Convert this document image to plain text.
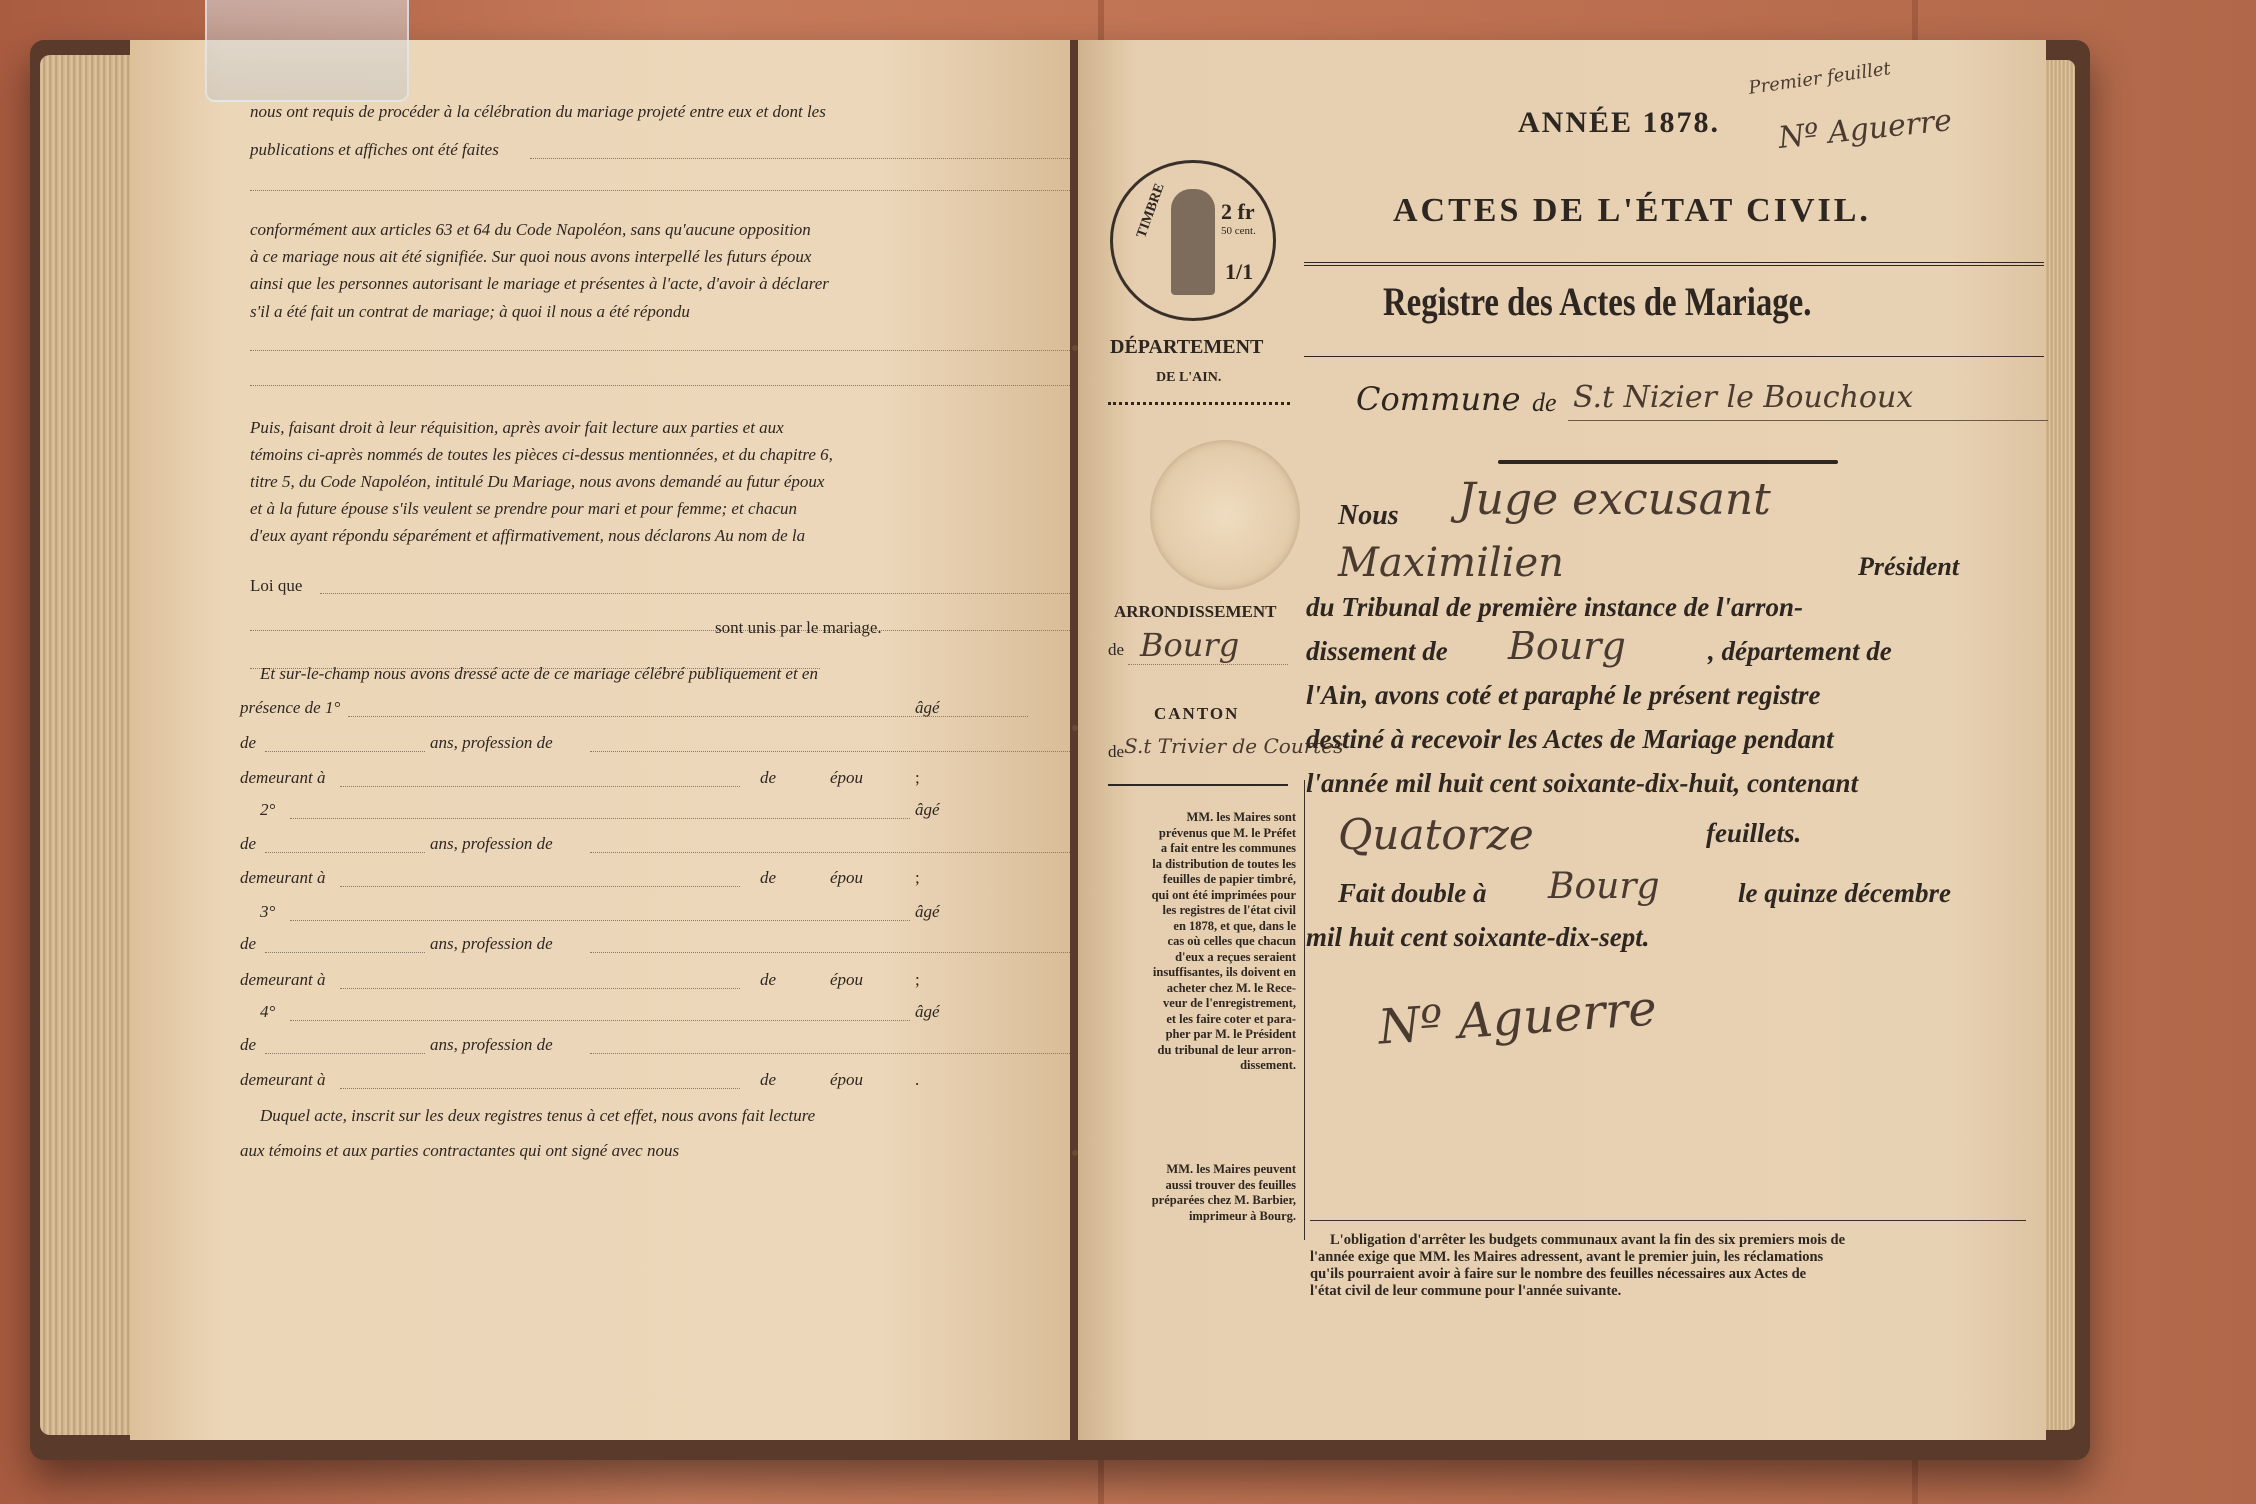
nous ont requis de procéder à la célébration du mariage projeté entre eux et dont les
publications et affiches ont été faites
conformément aux articles 63 et 64 du Code Napoléon, sans qu'aucune opposition
à ce mariage nous ait été signifiée. Sur quoi nous avons interpellé les futurs époux
ainsi que les personnes autorisant le mariage et présentes à l'acte, d'avoir à déclarer
s'il a été fait un contrat de mariage; à quoi il nous a été répondu
Puis, faisant droit à leur réquisition, après avoir fait lecture aux parties et aux
témoins ci-après nommés de toutes les pièces ci-dessus mentionnées, et du chapitre 6,
titre 5, du Code Napoléon, intitulé Du Mariage, nous avons demandé au futur époux
et à la future épouse s'ils veulent se prendre pour mari et pour femme; et chacun
d'eux ayant répondu séparément et affirmativement, nous déclarons Au nom de la
Loi que
sont unis par le mariage.
Et sur-le-champ nous avons dressé acte de ce mariage célébré publiquement et en
présence de 1°	âgé
de	ans, profession de
demeurant à	de	épou	;
2°	âgé
de	ans, profession de
demeurant à	de	épou	;
3°	âgé
de	ans, profession de
demeurant à	de	épou	;
4°	âgé
de	ans, profession de
demeurant à	de	épou	.
Duquel acte, inscrit sur les deux registres tenus à cet effet, nous avons fait lecture
aux témoins et aux parties contractantes qui ont signé avec nous
Premier feuillet
Nº Aguerre
ANNÉE 1878.
ACTES DE L'ÉTAT CIVIL.
Registre des Actes de Mariage.
Commune de S.t Nizier le Bouchoux
TIMBRE 2 fr
50 cent.
1/1
DÉPARTEMENT
DE L'AIN.
ARRONDISSEMENT
de Bourg
CANTON
de S.t Trivier de Courtes
MM. les Maires sont
prévenus que M. le Préfet
a fait entre les communes
la distribution de toutes les
feuilles de papier timbré,
qui ont été imprimées pour
les registres de l'état civil
en 1878, et que, dans le
cas où celles que chacun
d'eux a reçues seraient
insuffisantes, ils doivent en
acheter chez M. le Rece-
veur de l'enregistrement,
et les faire coter et para-
pher par M. le Président
du tribunal de leur arron-
dissement.
MM. les Maires peuvent
aussi trouver des feuilles
préparées chez M. Barbier,
imprimeur à Bourg.
Nous Juge excusant
Maximilien	Président
du Tribunal de première instance de l'arron-
dissement de Bourg	, département de
l'Ain, avons coté et paraphé le présent registre
destiné à recevoir les Actes de Mariage pendant
l'année mil huit cent soixante-dix-huit, contenant
Quatorze	feuillets.
Fait double à Bourg	le quinze décembre
mil huit cent soixante-dix-sept.
Nº Aguerre
L'obligation d'arrêter les budgets communaux avant la fin des six premiers mois de
l'année exige que MM. les Maires adressent, avant le premier juin, les réclamations
qu'ils pourraient avoir à faire sur le nombre des feuilles nécessaires aux Actes de
l'état civil de leur commune pour l'année suivante.
